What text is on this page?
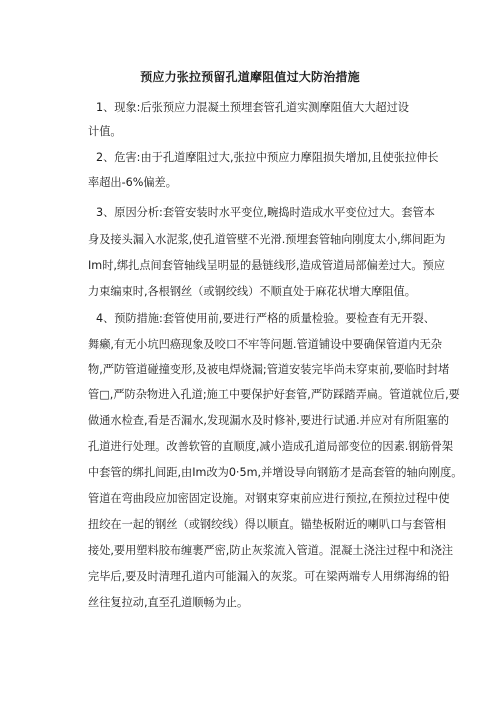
预应力张拉预留孔道摩阻值过大防治措施
1、现象:后张预应力混凝土预埋套管孔道实测摩阻值大大超过设
计值。
2、危害:由于孔道摩阻过大,张拉中预应力摩阻损失增加,且使张拉伸长
率超出-6%偏差。
3、原因分析:套管安装时水平变位,畹捣时造成水平变位过大。套管本
身及接头漏入水泥浆,使孔道管壁不光滑.预埋套管轴向刚度太小,绑间距为
Im时,绑扎点间套管轴线呈明显的悬链线形,造成管道局部偏差过大。预应
力束编束时,各根钢丝（或钢绞线）不顺直处于麻花状增大摩阻值。
4、预防措施:套管使用前,要进行严格的质量检验。要检查有无开裂、
舞癞,有无小坑凹癌现象及咬口不牢等问题.管道铺设中要确保管道内无杂
物,严防管道碰撞变形,及被电焊烧漏;管道安装完毕尚未穿束前,要临时封堵
管□,严防杂物进入孔道;施工中要保护好套管,严防踩踏弄扁。管道就位后,要
做通水检查,看是否漏水,发现漏水及时修补,要进行试通.并应对有所阻塞的
孔道进行处理。改善软管的直顺度,减小造成孔道局部变位的因素.钢筋骨架
中套管的绑扎间距,由Im改为0·5m,并增设导向钢筋才是高套管的轴向刚度。
管道在弯曲段应加密固定设施。对钢束穿束前应进行预拉,在预拉过程中使
扭绞在一起的钢丝（或钢绞线）得以顺直。锚垫板附近的喇叭口与套管相
接处,要用塑料胶布缠裹严密,防止灰浆流入管道。混凝土浇注过程中和浇注
完毕后,要及时清理孔道内可能漏入的灰浆。可在梁两端专人用绑海绵的铅
丝往复拉动,直至孔道顺畅为止。
